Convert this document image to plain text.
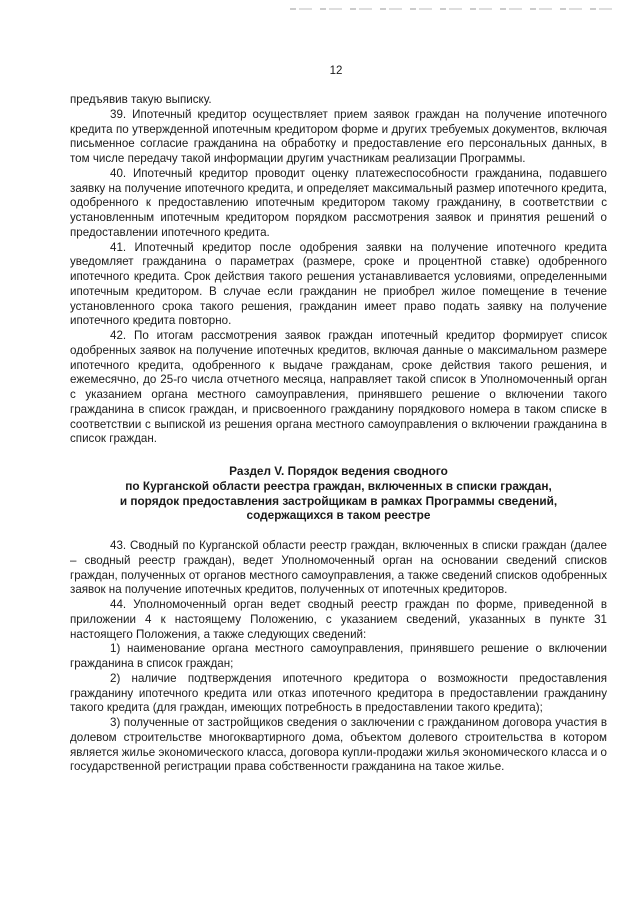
12

предъявив такую выписку.

39. Ипотечный кредитор осуществляет прием заявок граждан на получение ипотечного кредита по утвержденной ипотечным кредитором форме и других требуемых документов, включая письменное согласие гражданина на обработку и предоставление его персональных данных, в том числе передачу такой информации другим участникам реализации Программы.

40. Ипотечный кредитор проводит оценку платежеспособности гражданина, подавшего заявку на получение ипотечного кредита, и определяет максимальный размер ипотечного кредита, одобренного к предоставлению ипотечным кредитором такому гражданину, в соответствии с установленным ипотечным кредитором порядком рассмотрения заявок и принятия решений о предоставлении ипотечного кредита.

41. Ипотечный кредитор после одобрения заявки на получение ипотечного кредита уведомляет гражданина о параметрах (размере, сроке и процентной ставке) одобренного ипотечного кредита. Срок действия такого решения устанавливается условиями, определенными ипотечным кредитором. В случае если гражданин не приобрел жилое помещение в течение установленного срока такого решения, гражданин имеет право подать заявку на получение ипотечного кредита повторно.

42. По итогам рассмотрения заявок граждан ипотечный кредитор формирует список одобренных заявок на получение ипотечных кредитов, включая данные о максимальном размере ипотечного кредита, одобренного к выдаче гражданам, сроке действия такого решения, и ежемесячно, до 25-го числа отчетного месяца, направляет такой список в Уполномоченный орган с указанием органа местного самоуправления, принявшего решение о включении такого гражданина в список граждан, и присвоенного гражданину порядкового номера в таком списке в соответствии с выпиской из решения органа местного самоуправления о включении гражданина в список граждан.

Раздел V. Порядок ведения сводного
по Курганской области реестра граждан, включенных в списки граждан,
и порядок предоставления застройщикам в рамках Программы сведений,
содержащихся в таком реестре

43. Сводный по Курганской области реестр граждан, включенных в списки граждан (далее – сводный реестр граждан), ведет Уполномоченный орган на основании сведений списков граждан, полученных от органов местного самоуправления, а также сведений списков одобренных заявок на получение ипотечных кредитов, полученных от ипотечных кредиторов.

44. Уполномоченный орган ведет сводный реестр граждан по форме, приведенной в приложении 4 к настоящему Положению, с указанием сведений, указанных в пункте 31 настоящего Положения, а также следующих сведений:

1) наименование органа местного самоуправления, принявшего решение о включении гражданина в список граждан;

2) наличие подтверждения ипотечного кредитора о возможности предоставления гражданину ипотечного кредита или отказ ипотечного кредитора в предоставлении гражданину такого кредита (для граждан, имеющих потребность в предоставлении такого кредита);

3) полученные от застройщиков сведения о заключении с гражданином договора участия в долевом строительстве многоквартирного дома, объектом долевого строительства в котором является жилье экономического класса, договора купли-продажи жилья экономического класса и о государственной регистрации права собственности гражданина на такое жилье.
